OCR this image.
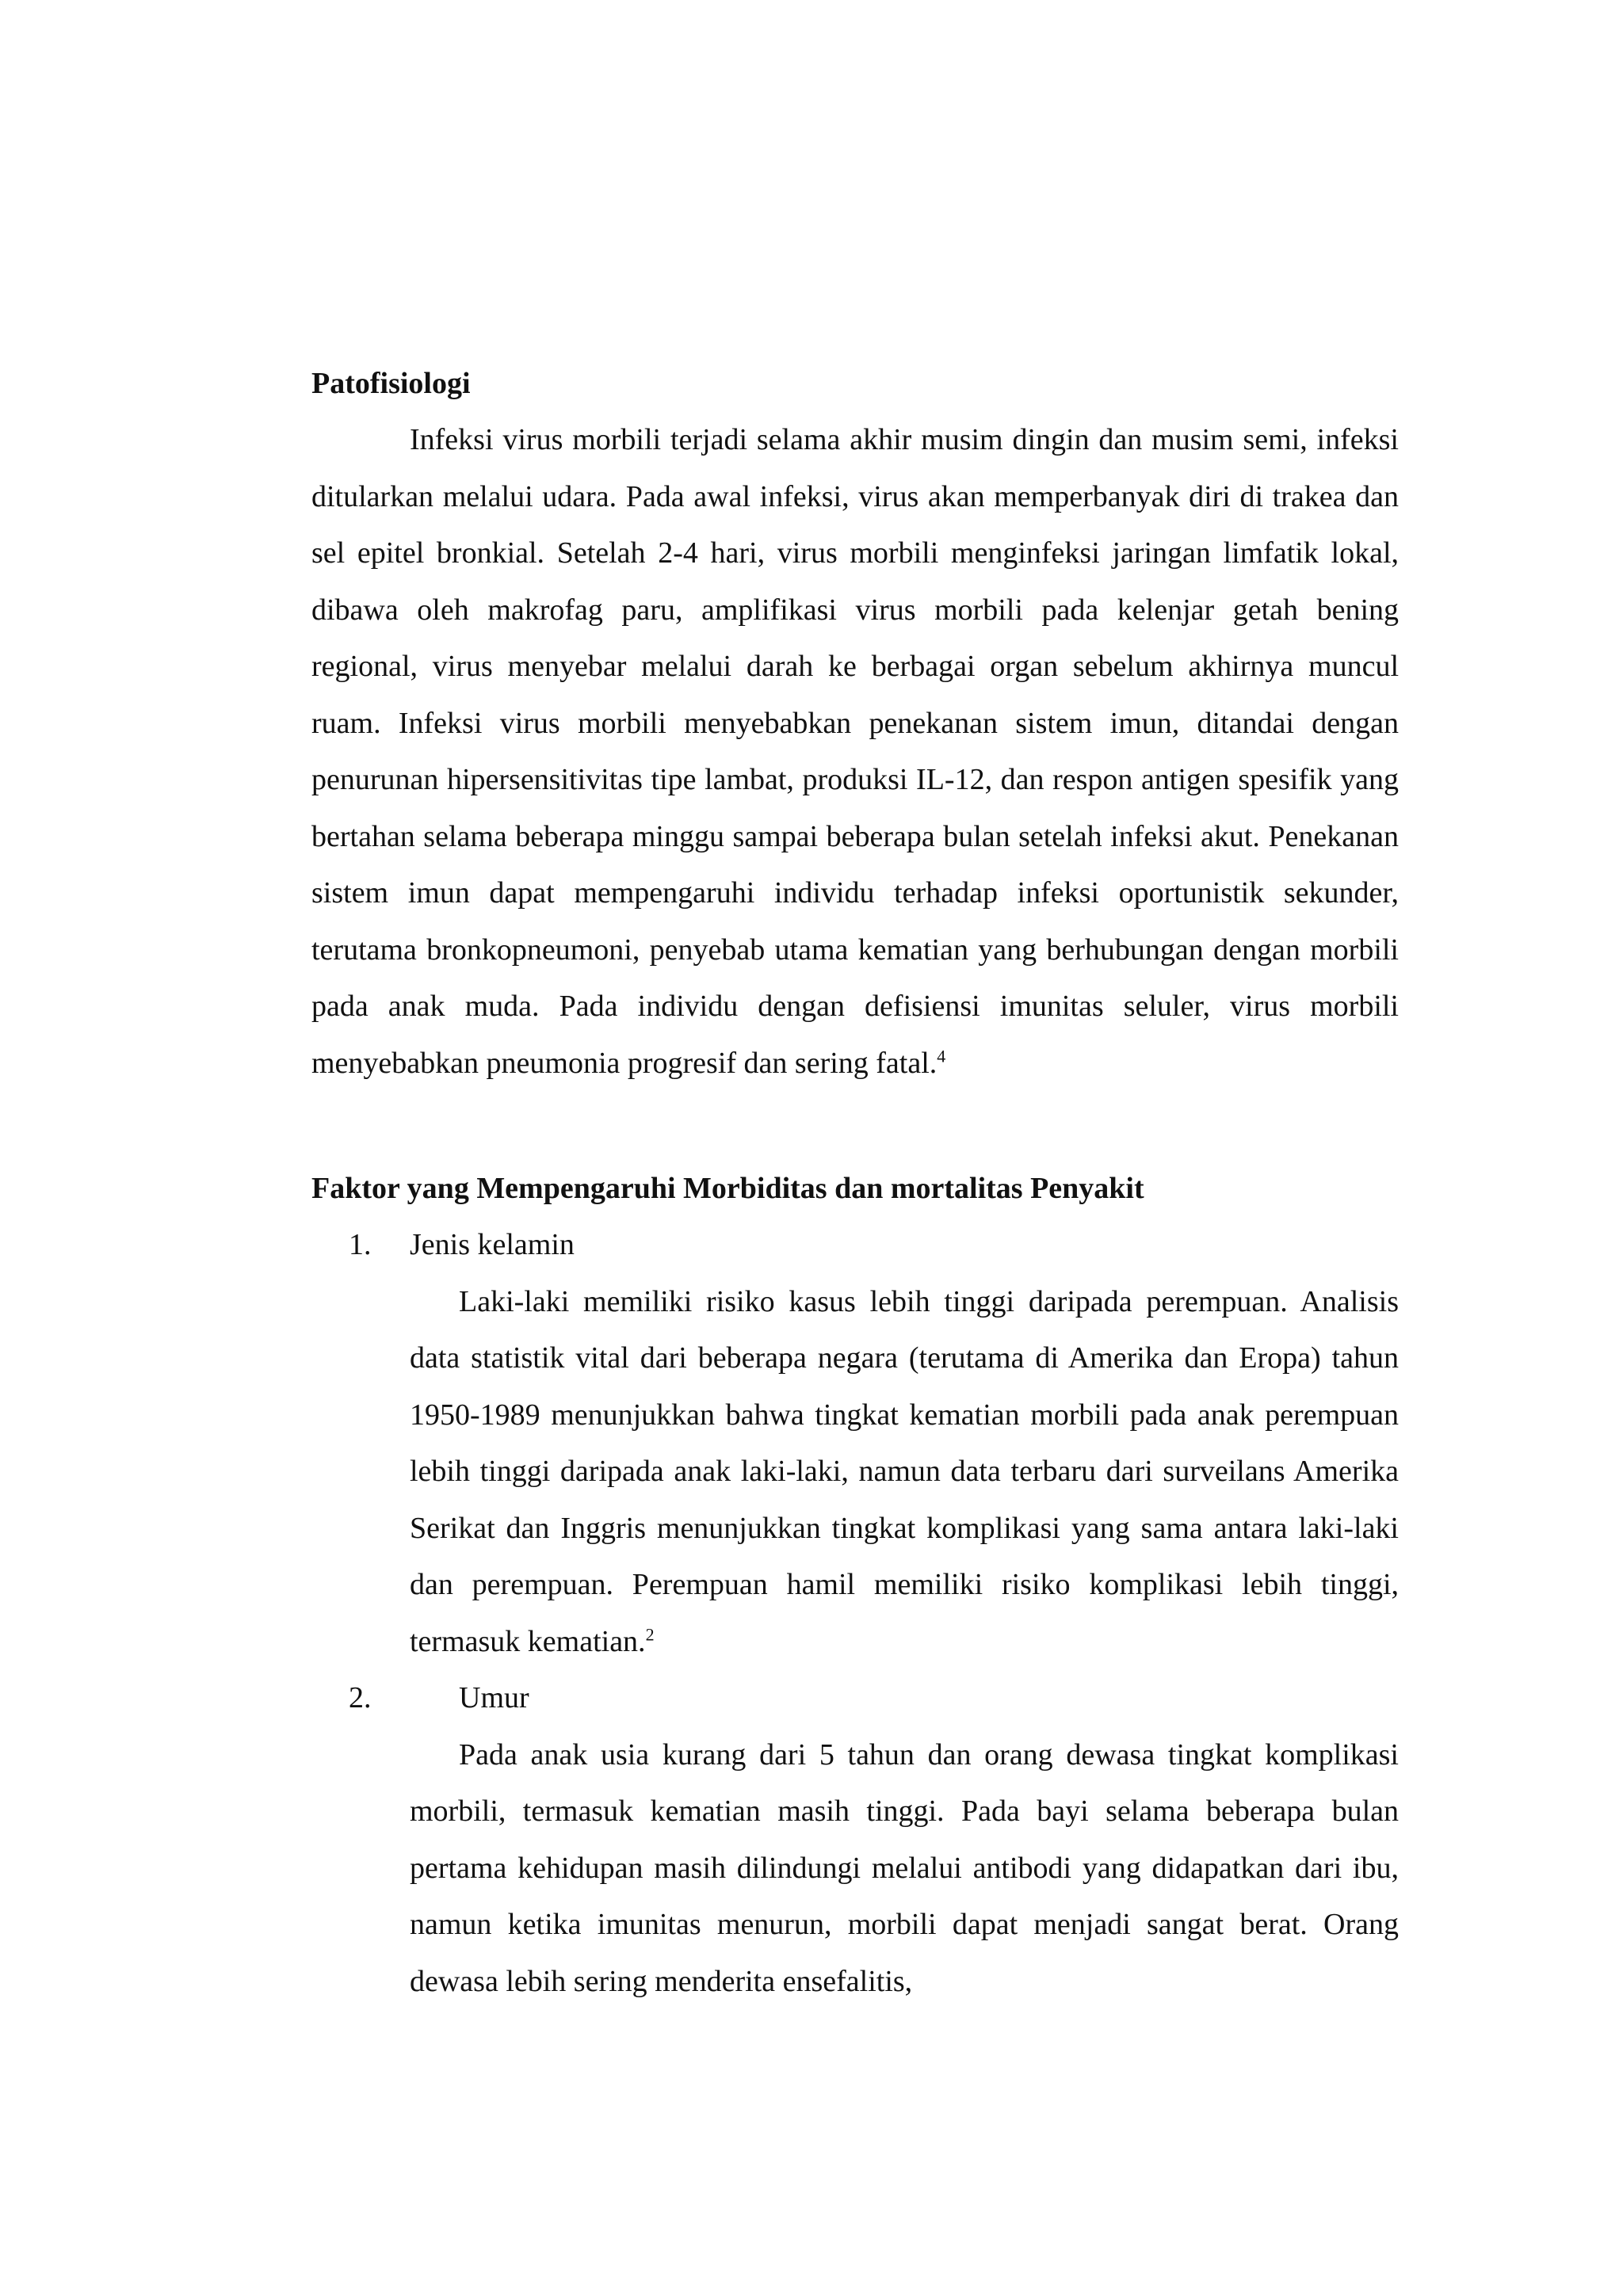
Patofisiologi

Infeksi virus morbili terjadi selama akhir musim dingin dan musim semi, infeksi ditularkan melalui udara. Pada awal infeksi, virus akan memperbanyak diri di trakea dan sel epitel bronkial. Setelah 2-4 hari, virus morbili menginfeksi jaringan limfatik lokal, dibawa oleh makrofag paru, amplifikasi virus morbili pada kelenjar getah bening regional, virus menyebar melalui darah ke berbagai organ sebelum akhirnya muncul ruam. Infeksi virus morbili menyebabkan penekanan sistem imun, ditandai dengan penurunan hipersensitivitas tipe lambat, produksi IL-12, dan respon antigen spesifik yang bertahan selama beberapa minggu sampai beberapa bulan setelah infeksi akut. Penekanan sistem imun dapat mempengaruhi individu terhadap infeksi oportunistik sekunder, terutama bronkopneumoni, penyebab utama kematian yang berhubungan dengan morbili pada anak muda. Pada individu dengan defisiensi imunitas seluler, virus morbili menyebabkan pneumonia progresif dan sering fatal.$^4$

Faktor yang Mempengaruhi Morbiditas dan mortalitas Penyakit
1.	Jenis kelamin

Laki-laki memiliki risiko kasus lebih tinggi daripada perempuan. Analisis data statistik vital dari beberapa negara (terutama di Amerika dan Eropa) tahun 1950-1989 menunjukkan bahwa tingkat kematian morbili pada anak perempuan lebih tinggi daripada anak laki-laki, namun data terbaru dari surveilans Amerika Serikat dan Inggris menunjukkan tingkat komplikasi yang sama antara laki-laki dan perempuan. Perempuan hamil memiliki risiko komplikasi lebih tinggi, termasuk kematian.$^2$

2.	Umur

Pada anak usia kurang dari 5 tahun dan orang dewasa tingkat komplikasi morbili, termasuk kematian masih tinggi. Pada bayi selama beberapa bulan pertama kehidupan masih dilindungi melalui antibodi yang didapatkan dari ibu, namun ketika imunitas menurun, morbili dapat menjadi sangat berat. Orang dewasa lebih sering menderita ensefalitis,
